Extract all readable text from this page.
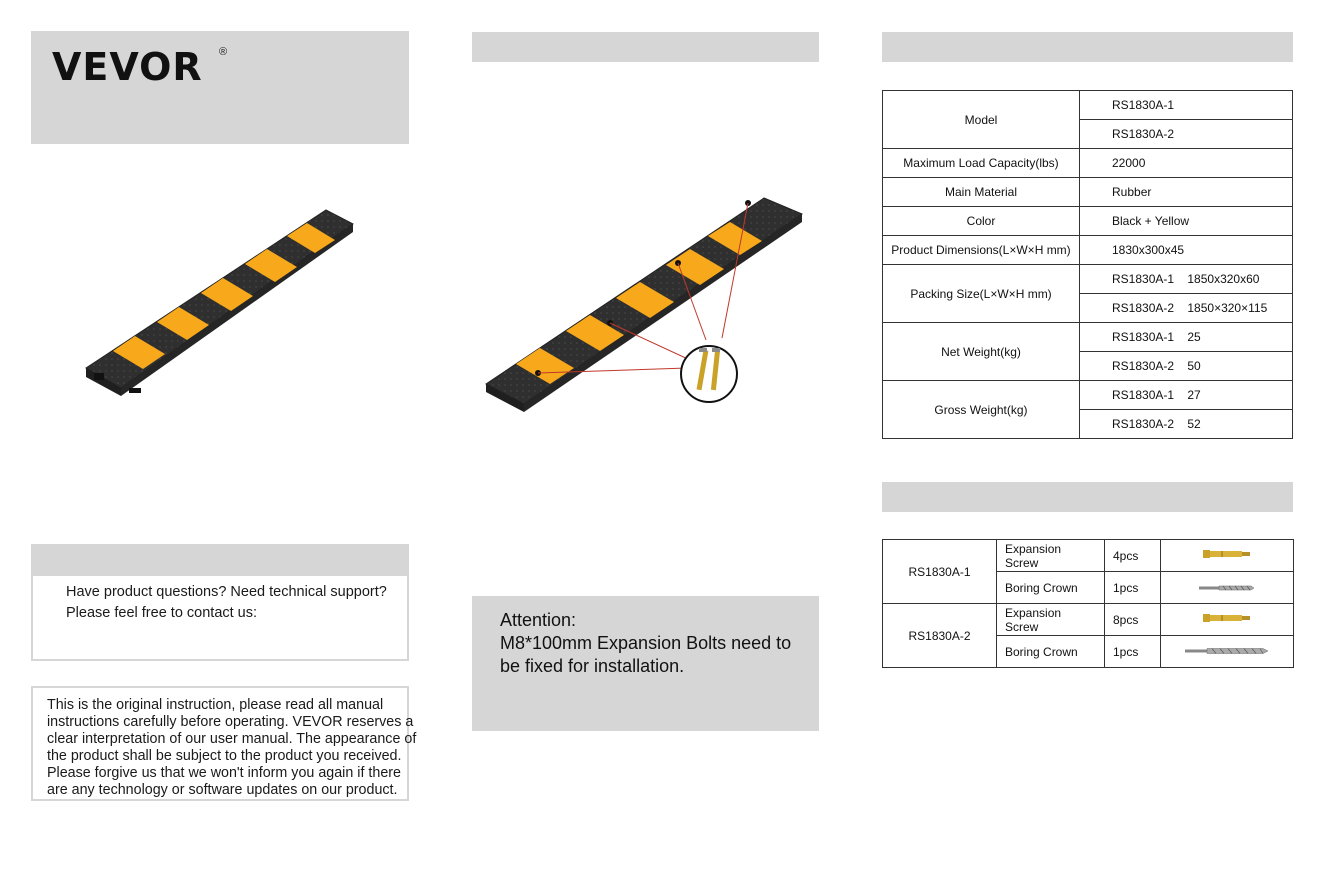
VEVOR ®
Have product questions? Need technical support?
Please feel free to contact us:
This is the original instruction, please read all manual
instructions carefully before operating. VEVOR reserves a
clear interpretation of our user manual. The appearance of
the product shall be subject to the product you received.
Please forgive us that we won't inform you again if there
are any technology or software updates on our product.
Attention:
M8*100mm Expansion Bolts need to
be fixed for installation.
Model	RS1830A-1
	RS1830A-2
Maximum Load Capacity(lbs)	22000
Main Material	Rubber
Color	Black + Yellow
Product Dimensions(L×W×H mm)	1830x300x45
Packing Size(L×W×H mm)	RS1830A-1    1850x320x60
	RS1830A-2    1850×320×115
Net Weight(kg)	RS1830A-1    25
	RS1830A-2    50
Gross Weight(kg)	RS1830A-1    27
	RS1830A-2    52
RS1830A-1	Expansion Screw	4pcs	
	Boring Crown	1pcs	
RS1830A-2	Expansion Screw	8pcs	
	Boring Crown	1pcs	
